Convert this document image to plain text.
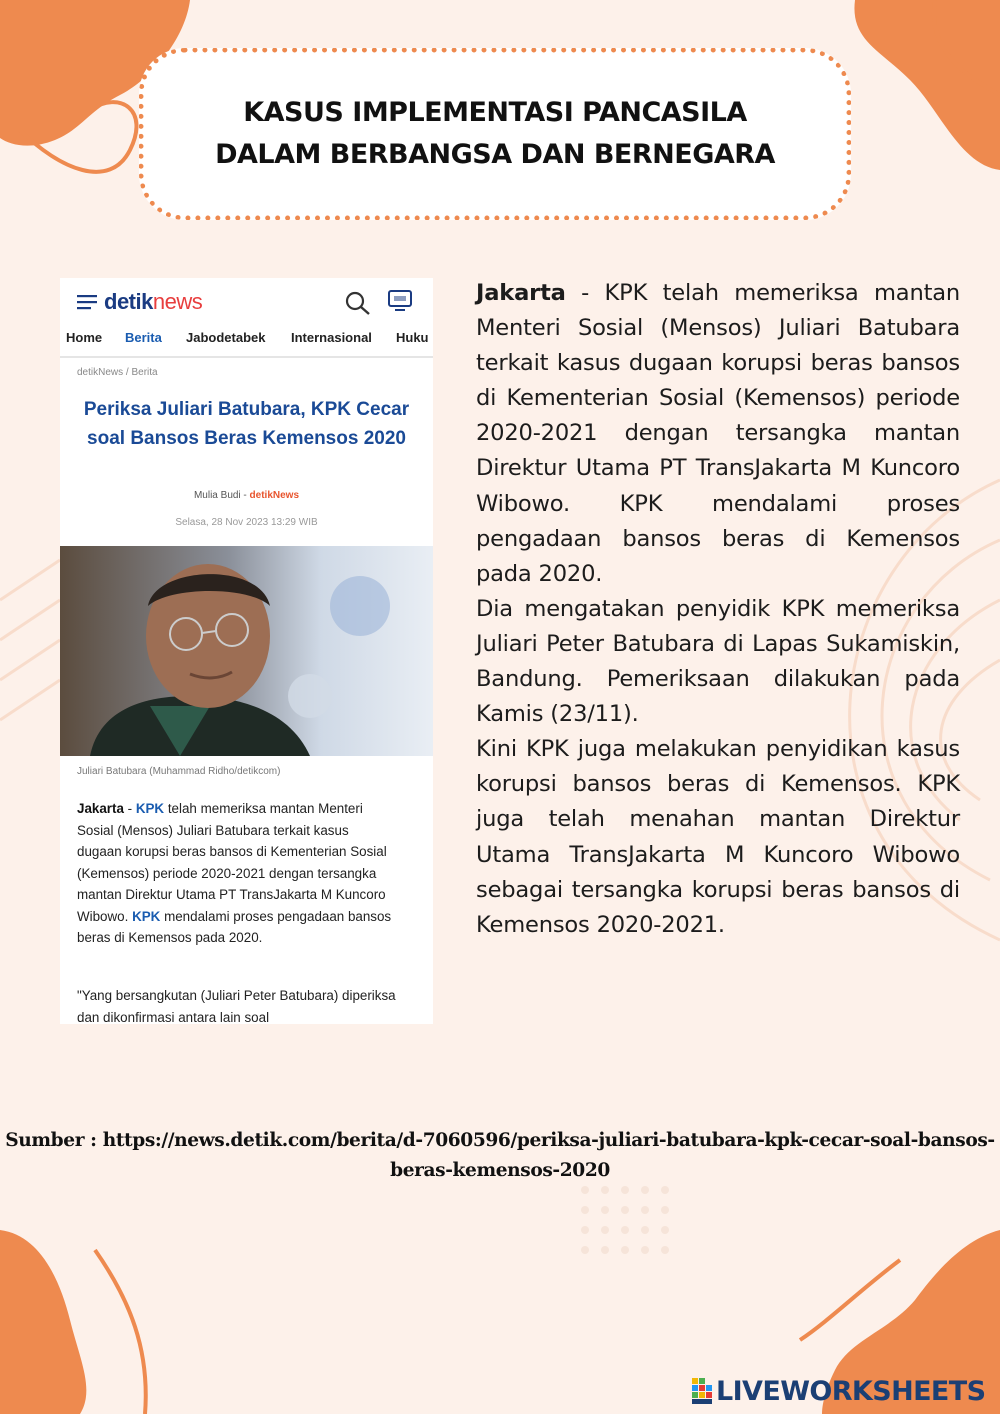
KASUS IMPLEMENTASI PANCASILA
DALAM BERBANGSA DAN BERNEGARA
detiknews
Home Berita Jabodetabek Internasional Huku
detikNews / Berita
Periksa Juliari Batubara, KPK Cecar soal Bansos Beras Kemensos 2020
Mulia Budi - detikNews
Selasa, 28 Nov 2023 13:29 WIB
Juliari Batubara (Muhammad Ridho/detikcom)
Jakarta - KPK telah memeriksa mantan Menteri Sosial (Mensos) Juliari Batubara terkait kasus dugaan korupsi beras bansos di Kementerian Sosial (Kemensos) periode 2020-2021 dengan tersangka mantan Direktur Utama PT TransJakarta M Kuncoro Wibowo. KPK mendalami proses pengadaan bansos beras di Kemensos pada 2020.
"Yang bersangkutan (Juliari Peter Batubara) diperiksa dan dikonfirmasi antara lain soal

Jakarta - KPK telah memeriksa mantan Menteri Sosial (Mensos) Juliari Batubara terkait kasus dugaan korupsi beras bansos di Kementerian Sosial (Kemensos) periode 2020-2021 dengan tersangka mantan Direktur Utama PT TransJakarta M Kuncoro Wibowo. KPK mendalami proses pengadaan bansos beras di Kemensos pada 2020.

Dia mengatakan penyidik KPK memeriksa Juliari Peter Batubara di Lapas Sukamiskin, Bandung. Pemeriksaan dilakukan pada Kamis (23/11).

Kini KPK juga melakukan penyidikan kasus korupsi bansos beras di Kemensos. KPK juga telah menahan mantan Direktur Utama TransJakarta M Kuncoro Wibowo sebagai tersangka korupsi beras bansos di Kemensos 2020-2021.

Sumber : https://news.detik.com/berita/d-7060596/periksa-juliari-batubara-kpk-cecar-soal-bansos-
beras-kemensos-2020
LIVEWORKSHEETS
